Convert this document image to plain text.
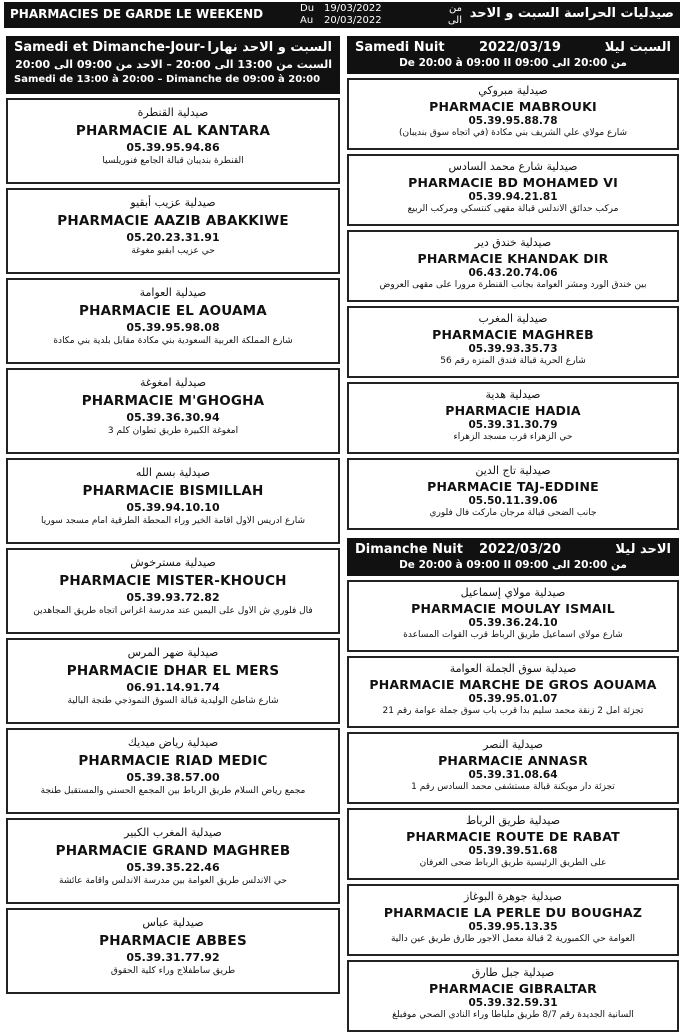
PHARMACIES DE GARDE LE WEEKEND	Du 19/03/2022
Au 20/03/2022
من
الى صيدليات الحراسة السبت و الاحد
Samedi et Dimanche-Jour- السبت و الاحد نهارا
السبت من 13:00 الى 20:00 – الاحد من 09:00 الى 20:00
Samedi de 13:00 à 20:00 – Dimanche de 09:00 à 20:00
صيدلية القنطرة
PHARMACIE AL KANTARA
05.39.95.94.86
القنطرة بنديبان قبالة الجامع فنوريلسيا
صيدلية عزيب أبقيو
PHARMACIE AAZIB ABAKKIWE
05.20.23.31.91
حي عزيب أبقيو مغوغة
صيدلية العوامة
PHARMACIE EL AOUAMA
05.39.95.98.08
شارع المملكة العربية السعودية بني مكادة مقابل بلدية بني مكادة
صيدلية امغوغة
PHARMACIE M'GHOGHA
05.39.36.30.94
امغوغة الكبيرة طريق تطوان كلم 3
صيدلية بسم الله
PHARMACIE BISMILLAH
05.39.94.10.10
شارع ادريس الاول اقامة الخير وراء المحطة الطرقية امام مسجد سوريا
صيدلية مسترخوش
PHARMACIE MISTER-KHOUCH
05.39.93.72.82
فال فلوري ش الاول على اليمين عند مدرسة اغراس اتجاه طريق المجاهدين
صيدلية ضهر المرس
PHARMACIE DHAR EL MERS
06.91.14.91.74
شارع شاطئ الوليدية قبالة السوق النموذجي طنجة البالية
صيدلية رياض ميديك
PHARMACIE RIAD MEDIC
05.39.38.57.00
مجمع رياض السلام طريق الرباط بين المجمع الحسني والمستقبل طنجة
صيدلية المغرب الكبير
PHARMACIE GRAND MAGHREB
05.39.35.22.46
حي الاندلس طريق العوامة بين مدرسة الاندلس واقامة عائشة
صيدلية عباس
PHARMACIE ABBES
05.39.31.77.92
طريق ساطفلاج وراء كلية الحقوق
Samedi Nuit	2022/03/19	السبت ليلا
De 20:00 à 09:00 II من 20:00 الى 09:00
صيدلية مبروكي
PHARMACIE MABROUKI
05.39.95.88.78
شارع مولاي علي الشريف بني مكادة (في اتجاه سوق بنديبان)
صيدلية شارع محمد السادس
PHARMACIE BD MOHAMED VI
05.39.94.21.81
مركب حدائق الأندلس قبالة مقهى كنتسكي ومركب الربيع
صيدلية خندق دير
PHARMACIE KHANDAK DIR
06.43.20.74.06
بين خندق الورد ومشر العوامة بجانب القنطرة مرورا على مقهى العروض
صيدلية المغرب
PHARMACIE MAGHREB
05.39.93.35.73
شارع الحرية قبالة فندق المنزه رقم 56
صيدلية هدية
PHARMACIE HADIA
05.39.31.30.79
حي الزهراء قرب مسجد الزهراء
صيدلية تاج الدين
PHARMACIE TAJ-EDDINE
05.50.11.39.06
جانب الضحى قبالة مرجان ماركت فال فلوري
Dimanche Nuit 2022/03/20	الاحد ليلا
De 20:00 à 09:00 II من 20:00 الى 09:00
صيدلية مولاي إسماعيل
PHARMACIE MOULAY ISMAIL
05.39.36.24.10
شارع مولاي اسماعيل طريق الرباط قرب القوات المساعدة
صيدلية سوق الجملة العوامة
PHARMACIE MARCHE DE GROS AOUAMA
05.39.95.01.07
تجزئة امل 2 زنقة محمد سليم بدا قرب باب سوق جملة عوامة رقم 21
صيدلية النصر
PHARMACIE ANNASR
05.39.31.08.64
تجزئة دار مويكنة قبالة مستشفى محمد السادس رقم 1
صيدلية طريق الرباط
PHARMACIE ROUTE DE RABAT
05.39.39.51.68
على الطريق الرئيسية طريق الرباط ضحى العرفان
صيدلية جوهرة البوغاز
PHARMACIE LA PERLE DU BOUGHAZ
05.39.95.13.35
العوامة حي الكمبورية 2 قبالة معمل الأجور طارق طريق عين دالية
صيدلية جبل طارق
PHARMACIE GIBRALTAR
05.39.32.59.31
السانية الجديدة رقم 8/7 طريق ملباطا وراء النادي الصحي موفبلغ
